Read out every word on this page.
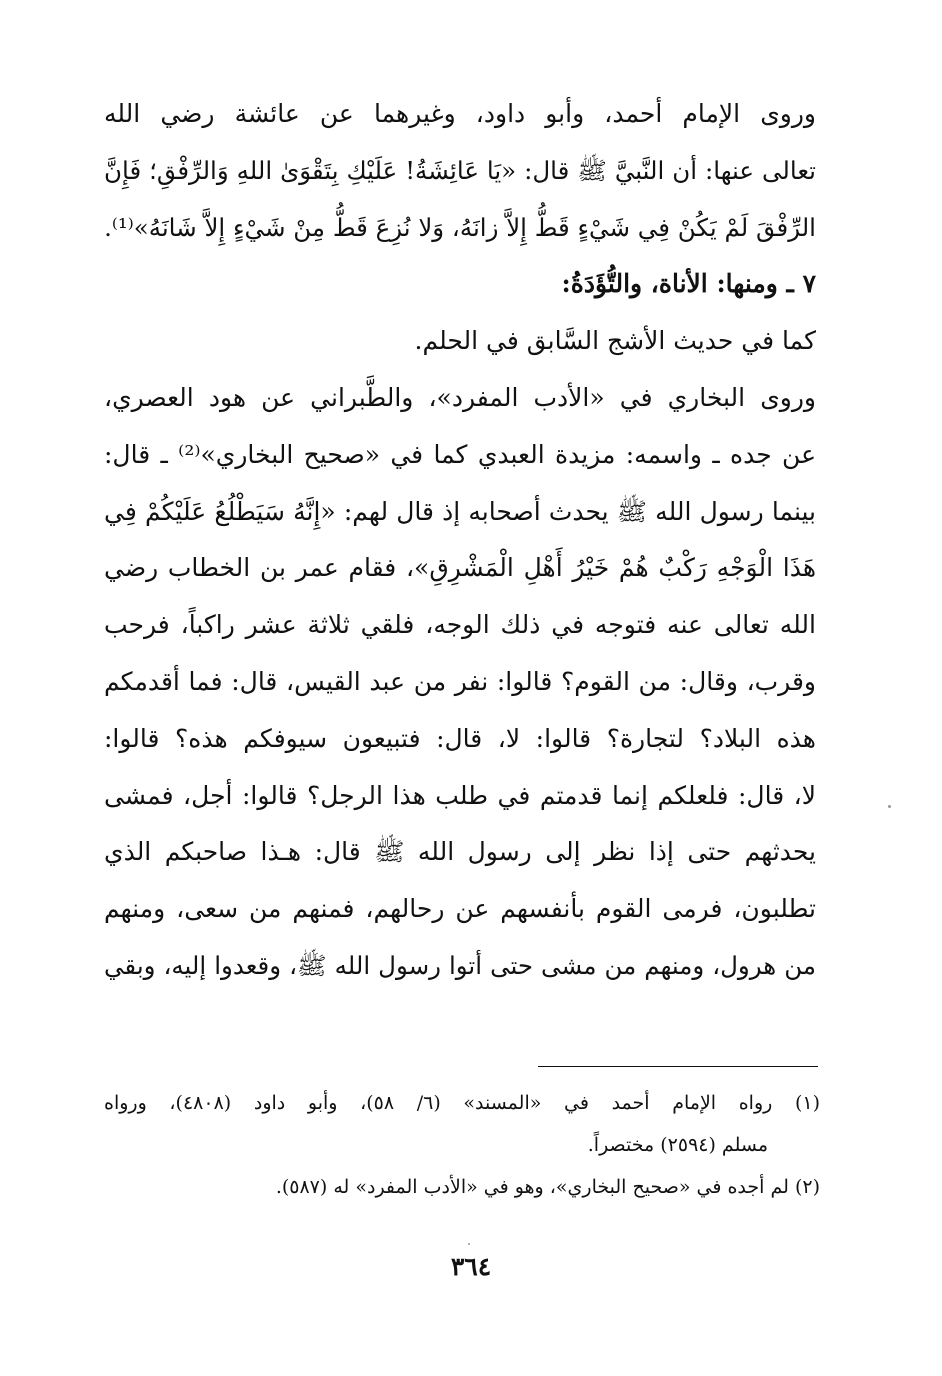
وروى الإمام أحمد، وأبو داود، وغيرهما عن عائشة رضي الله
تعالى عنها: أن النَّبيَّ ﷺ قال: «يَا عَائِشَةُ! عَلَيْكِ بِتَقْوَىٰ اللهِ وَالرِّفْقِ؛ فَإِنَّ
الرِّفْقَ لَمْ يَكُنْ فِي شَيْءٍ قَطُّ إِلاَّ زانَهُ، وَلا نُزِعَ قَطُّ مِنْ شَيْءٍ إِلاَّ شَانَهُ»⁽¹⁾.
٧ ـ ومنها: الأناة، والتُّؤَدَةُ:
كما في حديث الأشج السَّابق في الحلم.
وروى البخاري في «الأدب المفرد»، والطَّبراني عن هود العصري،
عن جده ـ واسمه: مزيدة العبدي كما في «صحيح البخاري»⁽²⁾ ـ قال:
بينما رسول الله ﷺ يحدث أصحابه إذ قال لهم: «إِنَّهُ سَيَطْلُعُ عَلَيْكُمْ فِي
هَذَا الْوَجْهِ رَكْبٌ هُمْ خَيْرُ أَهْلِ الْمَشْرِقِ»، فقام عمر بن الخطاب رضي
الله تعالى عنه فتوجه في ذلك الوجه، فلقي ثلاثة عشر راكباً، فرحب
وقرب، وقال: من القوم؟ قالوا: نفر من عبد القيس، قال: فما أقدمكم
هذه البلاد؟ لتجارة؟ قالوا: لا، قال: فتبيعون سيوفكم هذه؟ قالوا:
لا، قال: فلعلكم إنما قدمتم في طلب هذا الرجل؟ قالوا: أجل، فمشى
يحدثهم حتى إذا نظر إلى رسول الله ﷺ قال: هـذا صاحبكم الذي
تطلبون، فرمى القوم بأنفسهم عن رحالهم، فمنهم من سعى، ومنهم
من هرول، ومنهم من مشى حتى أتوا رسول الله ﷺ، وقعدوا إليه، وبقي
(١) رواه الإمام أحمد في «المسند» (٦/ ٥٨)، وأبو داود (٤٨٠٨)، ورواه
مسلم (٢٥٩٤) مختصراً.
(٢) لم أجده في «صحيح البخاري»، وهو في «الأدب المفرد» له (٥٨٧).
٣٦٤
